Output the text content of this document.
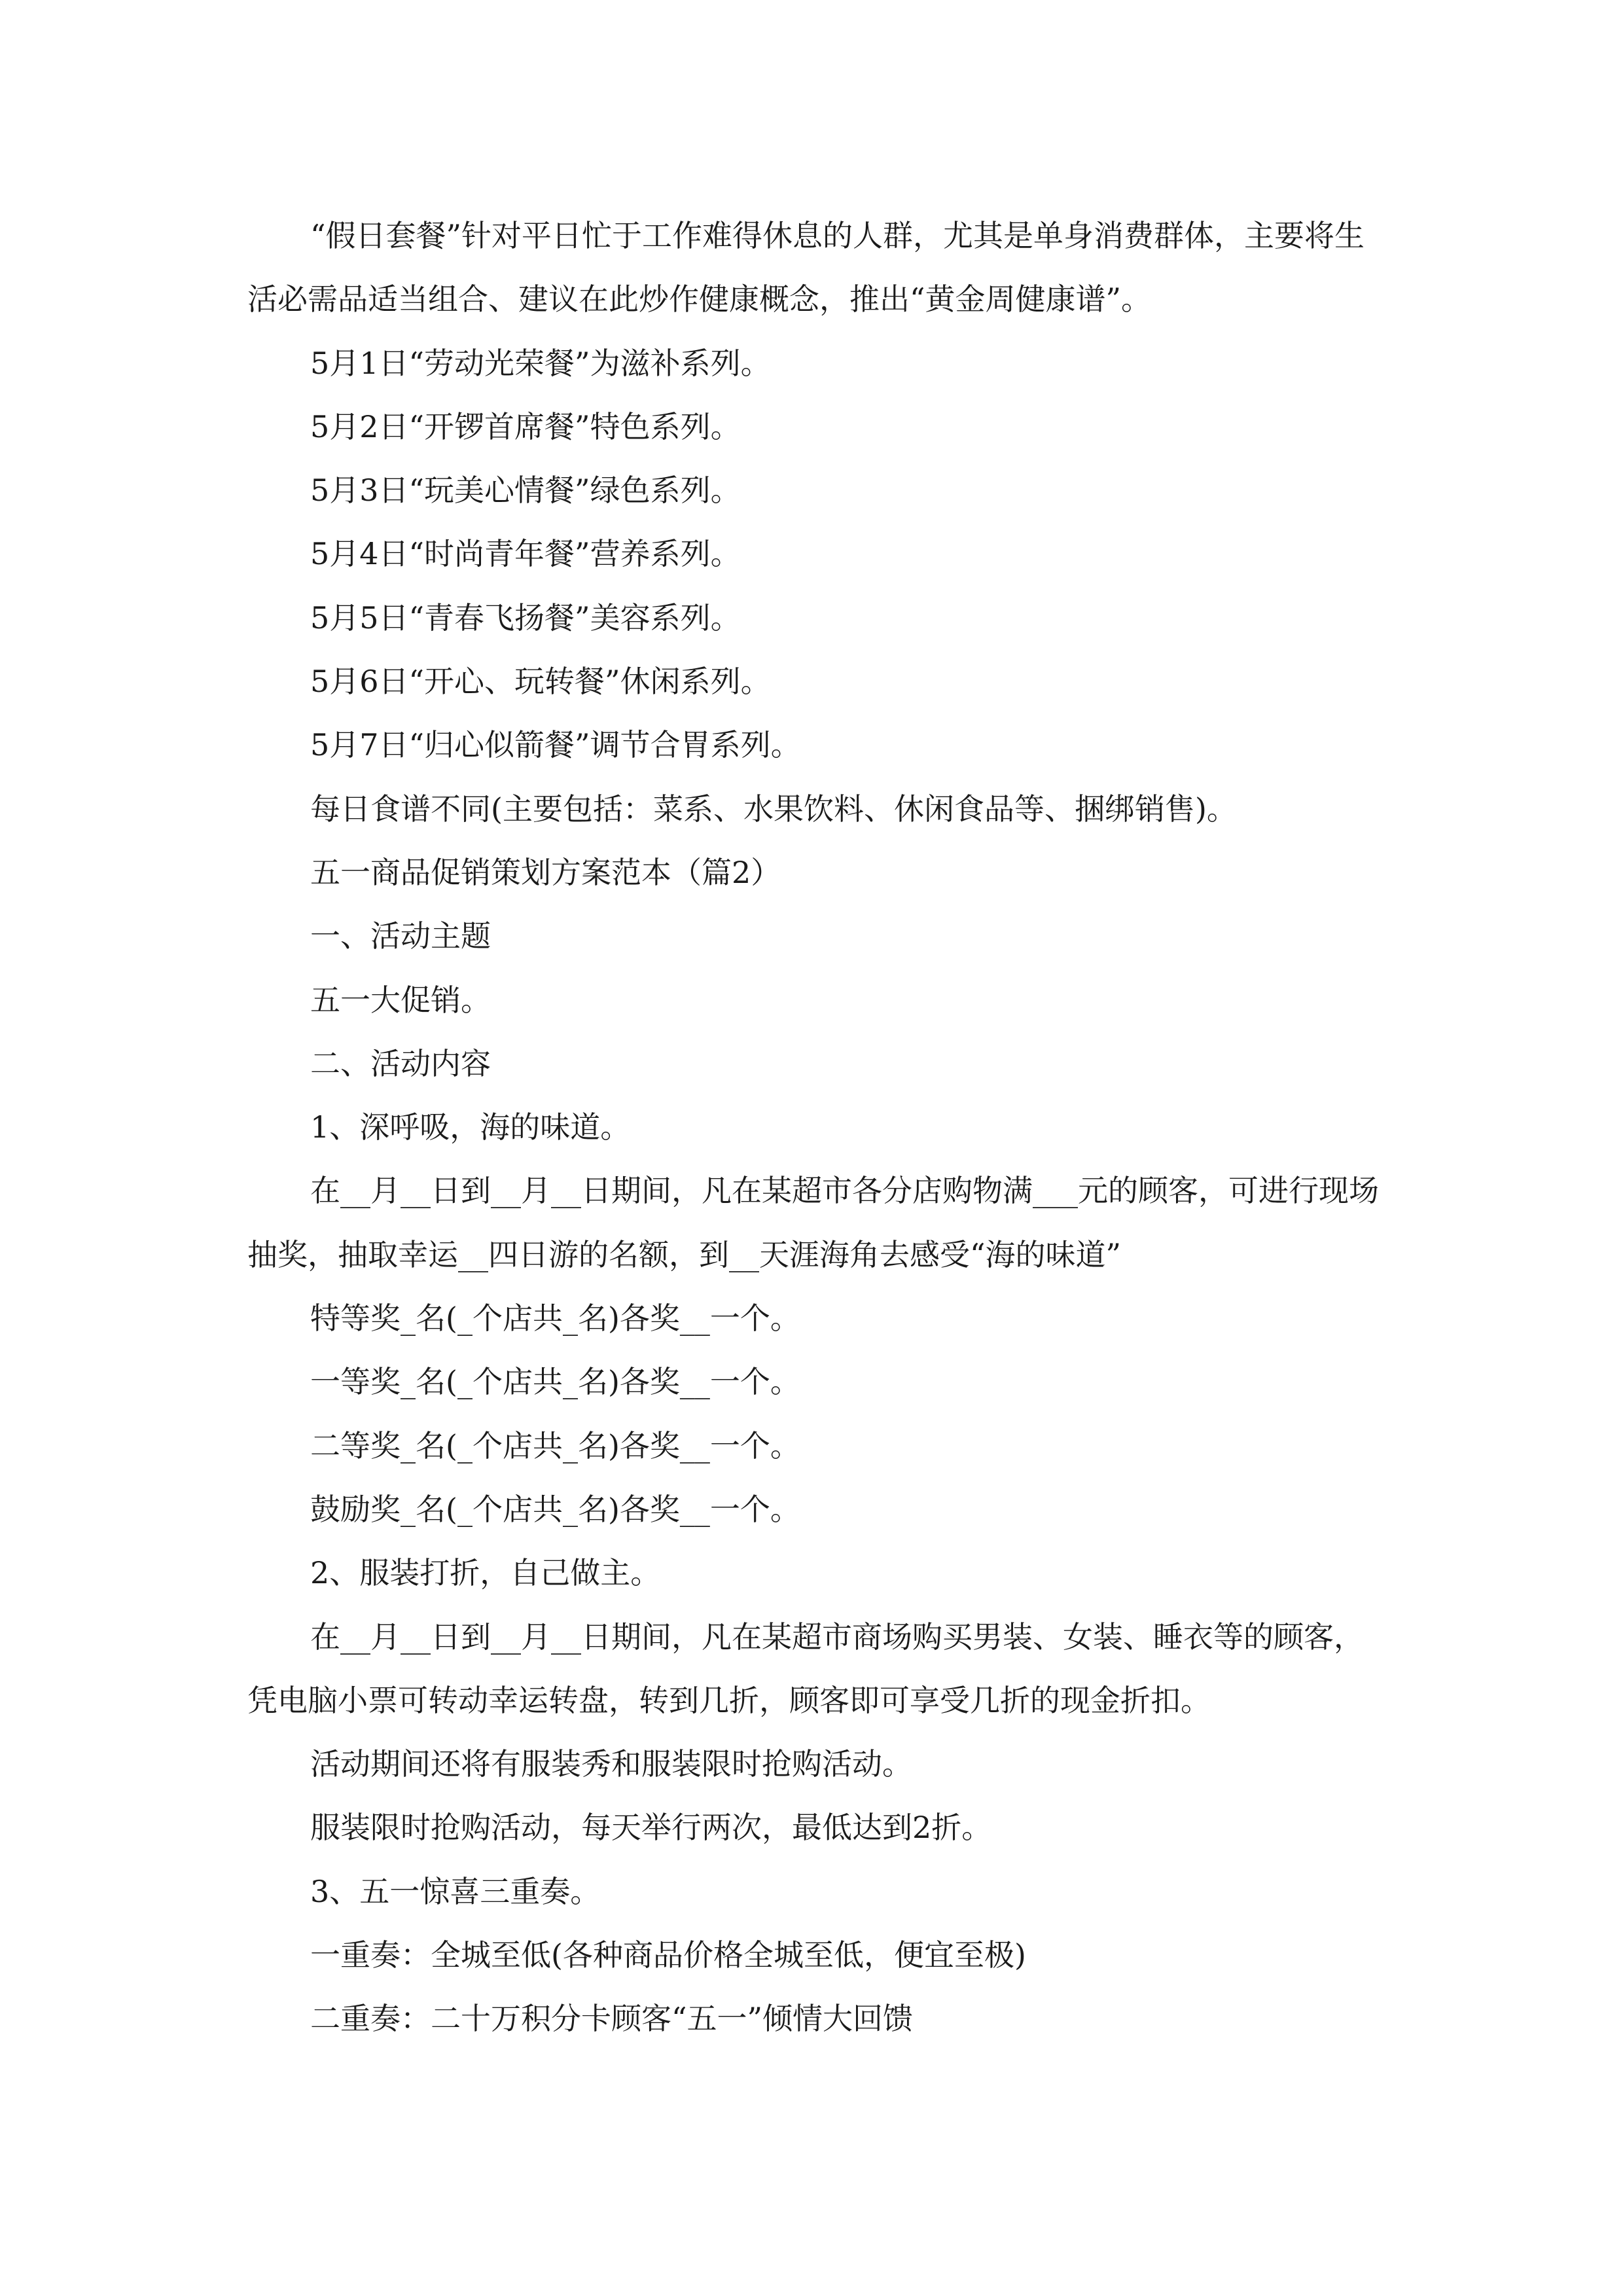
“假日套餐”针对平日忙于工作难得休息的人群，尤其是单身消费群体，主要将生活必需品适当组合、建议在此炒作健康概念，推出“黄金周健康谱”。

5月1日“劳动光荣餐”为滋补系列。

5月2日“开锣首席餐”特色系列。

5月3日“玩美心情餐”绿色系列。

5月4日“时尚青年餐”营养系列。

5月5日“青春飞扬餐”美容系列。

5月6日“开心、玩转餐”休闲系列。

5月7日“归心似箭餐”调节合胃系列。

每日食谱不同(主要包括：菜系、水果饮料、休闲食品等、捆绑销售)。

五一商品促销策划方案范本（篇2）

一、活动主题

五一大促销。

二、活动内容

1、深呼吸，海的味道。

在__月__日到__月__日期间，凡在某超市各分店购物满___元的顾客，可进行现场抽奖，抽取幸运__四日游的名额，到__天涯海角去感受“海的味道”

特等奖_名(_个店共_名)各奖__一个。

一等奖_名(_个店共_名)各奖__一个。

二等奖_名(_个店共_名)各奖__一个。

鼓励奖_名(_个店共_名)各奖__一个。

2、服装打折，自己做主。

在__月__日到__月__日期间，凡在某超市商场购买男装、女装、睡衣等的顾客，凭电脑小票可转动幸运转盘，转到几折，顾客即可享受几折的现金折扣。

活动期间还将有服装秀和服装限时抢购活动。

服装限时抢购活动，每天举行两次，最低达到2折。

3、五一惊喜三重奏。

一重奏：全城至低(各种商品价格全城至低，便宜至极)

二重奏：二十万积分卡顾客“五一”倾情大回馈
